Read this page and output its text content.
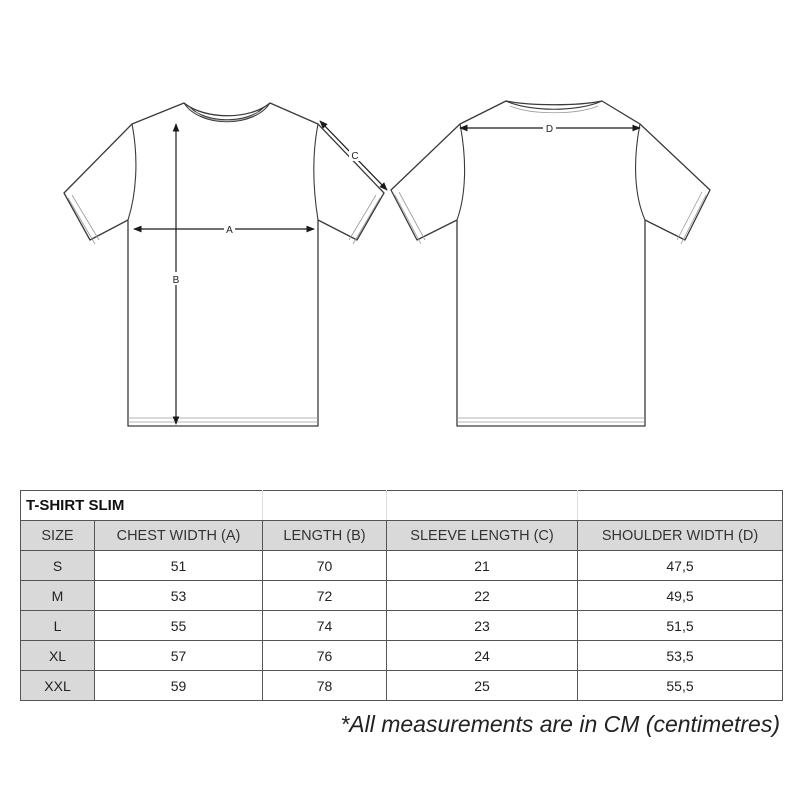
A
B
C
D
T-SHIRT SLIM				
SIZE	CHEST WIDTH (A)	LENGTH (B)	SLEEVE LENGTH (C)	SHOULDER WIDTH (D)
S	51	70	21	47,5
M	53	72	22	49,5
L	55	74	23	51,5
XL	57	76	24	53,5
XXL	59	78	25	55,5
*All measurements are in CM (centimetres)
